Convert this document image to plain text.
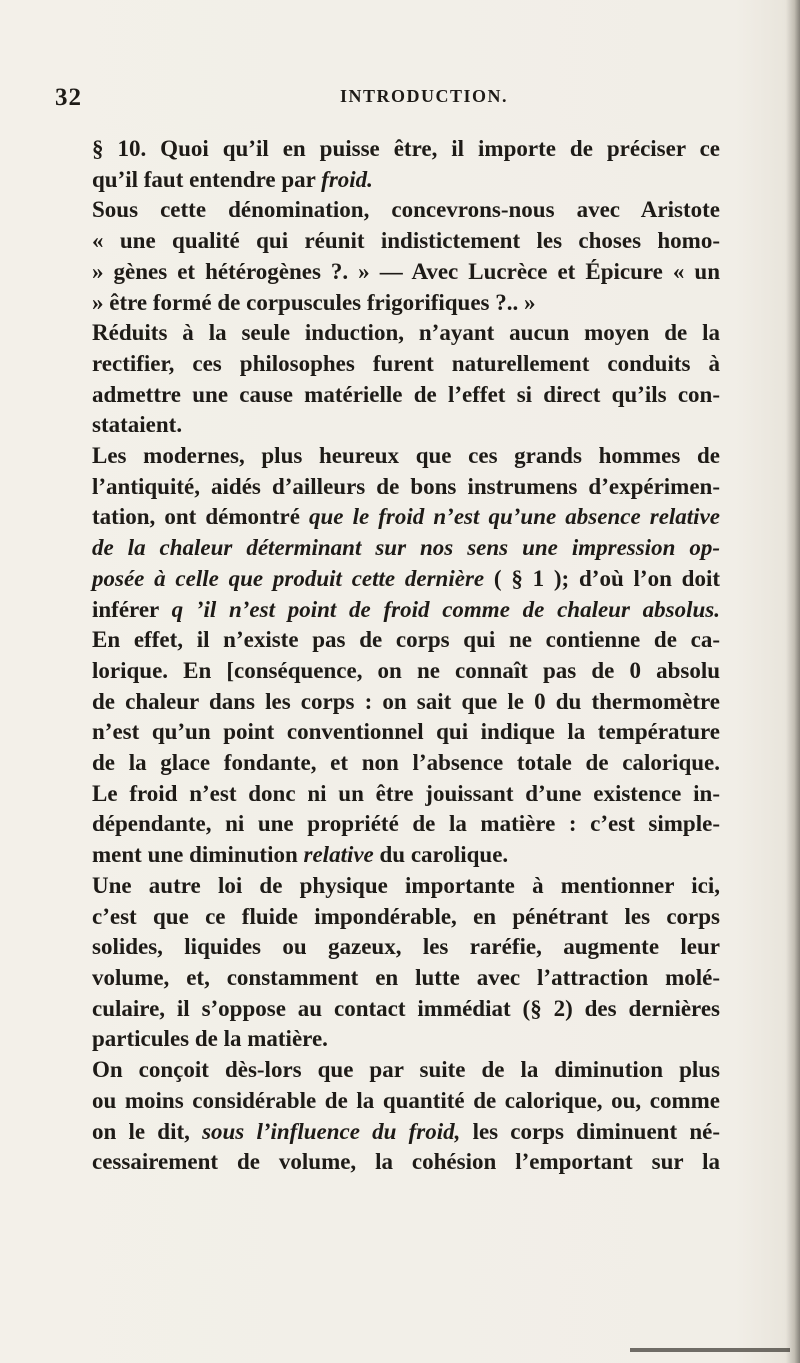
32	INTRODUCTION.
§ 10. Quoi qu’il en puisse être, il importe de préciser ce
qu’il faut entendre par froid.
Sous cette dénomination, concevrons-nous avec Aristote
« une qualité qui réunit indistictement les choses homo-
» gènes et hétérogènes ?. » — Avec Lucrèce et Épicure « un
» être formé de corpuscules frigorifiques ?.. »
Réduits à la seule induction, n’ayant aucun moyen de la
rectifier, ces philosophes furent naturellement conduits à
admettre une cause matérielle de l’effet si direct qu’ils con-
stataient.
Les modernes, plus heureux que ces grands hommes de
l’antiquité, aidés d’ailleurs de bons instrumens d’expérimen-
tation, ont démontré que le froid n’est qu’une absence relative
de la chaleur déterminant sur nos sens une impression op-
posée à celle que produit cette dernière ( § 1 ); d’où l’on doit
inférer q ’il n’est point de froid comme de chaleur absolus.
En effet, il n’existe pas de corps qui ne contienne de ca-
lorique. En [conséquence, on ne connaît pas de 0 absolu
de chaleur dans les corps : on sait que le 0 du thermomètre
n’est qu’un point conventionnel qui indique la température
de la glace fondante, et non l’absence totale de calorique.
Le froid n’est donc ni un être jouissant d’une existence in-
dépendante, ni une propriété de la matière : c’est simple-
ment une diminution relative du carolique.
Une autre loi de physique importante à mentionner ici,
c’est que ce fluide impondérable, en pénétrant les corps
solides, liquides ou gazeux, les raréfie, augmente leur
volume, et, constamment en lutte avec l’attraction molé-
culaire, il s’oppose au contact immédiat (§ 2) des dernières
particules de la matière.
On conçoit dès-lors que par suite de la diminution plus
ou moins considérable de la quantité de calorique, ou, comme
on le dit, sous l’influence du froid, les corps diminuent né-
cessairement de volume, la cohésion l’emportant sur la
